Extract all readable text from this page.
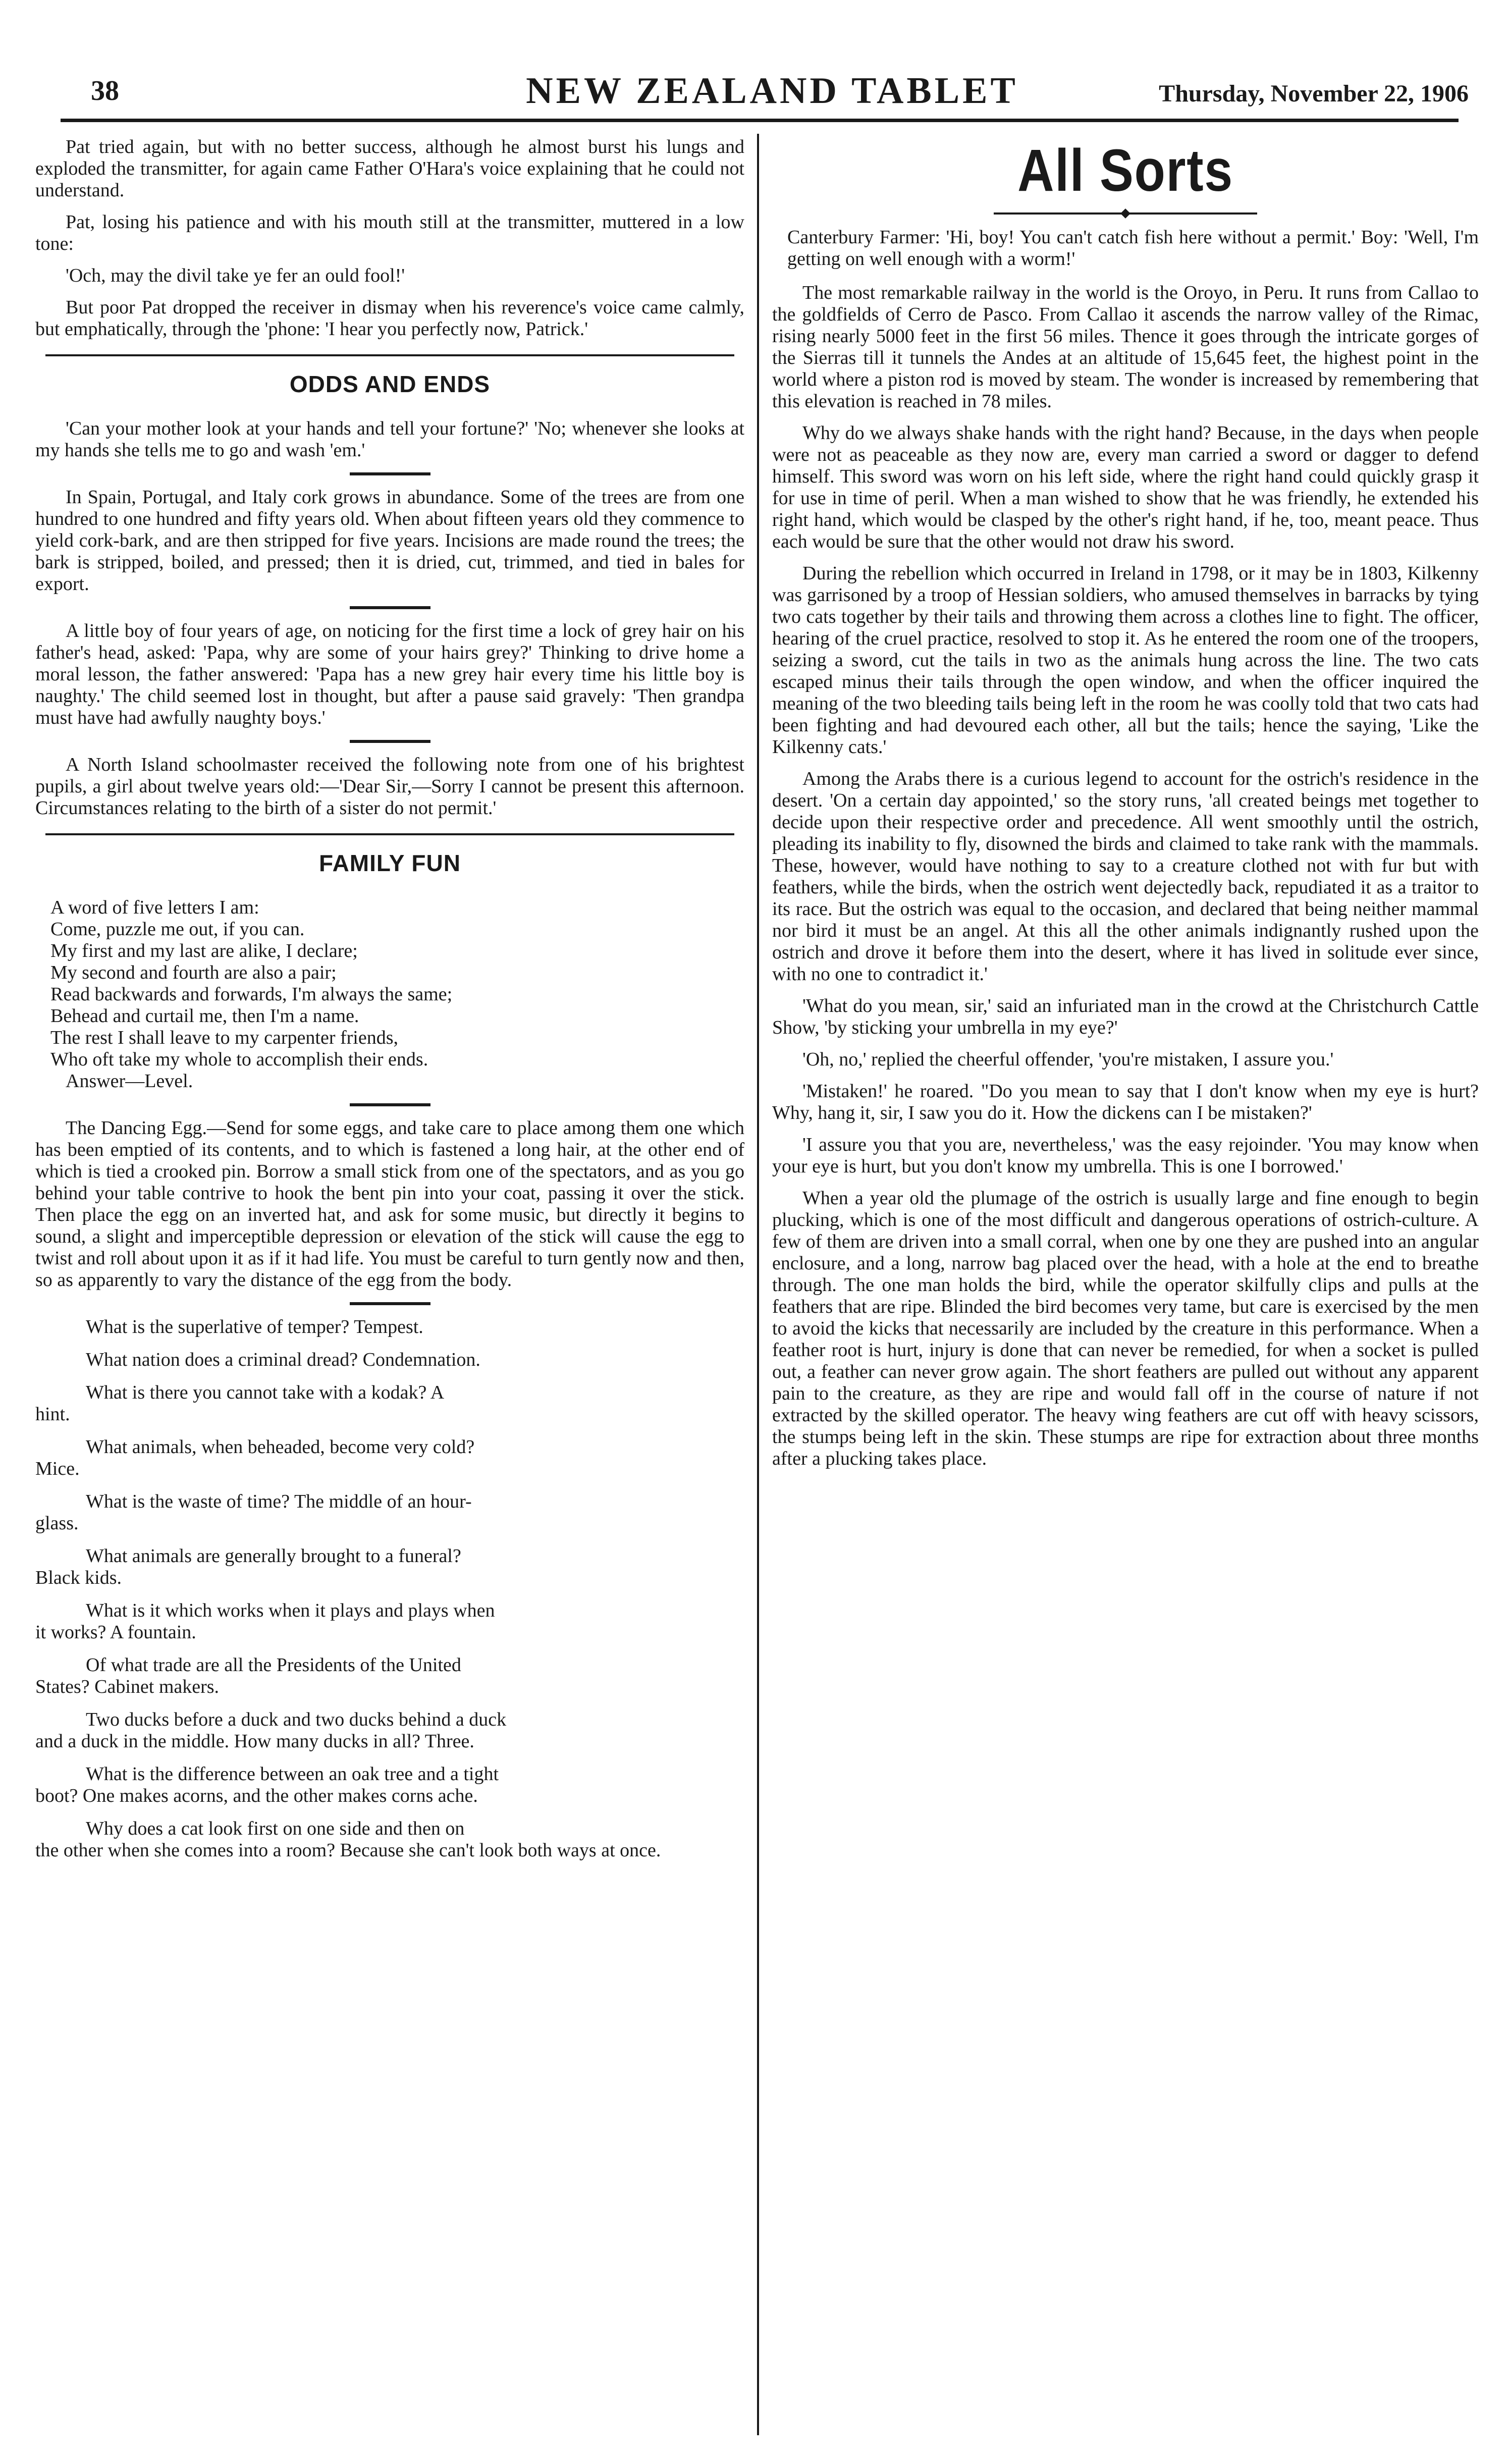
38	NEW ZEALAND TABLET	Thursday, November 22, 1906

Pat tried again, but with no better success, although he almost burst his lungs and exploded the transmitter, for again came Father O'Hara's voice explaining that he could not understand.

Pat, losing his patience and with his mouth still at the transmitter, muttered in a low tone:

'Och, may the divil take ye fer an ould fool!'

But poor Pat dropped the receiver in dismay when his reverence's voice came calmly, but emphatically, through the 'phone: 'I hear you perfectly now, Patrick.'

ODDS AND ENDS

'Can your mother look at your hands and tell your fortune?' 'No; whenever she looks at my hands she tells me to go and wash 'em.'

In Spain, Portugal, and Italy cork grows in abundance. Some of the trees are from one hundred to one hundred and fifty years old. When about fifteen years old they commence to yield cork-bark, and are then stripped for five years. Incisions are made round the trees; the bark is stripped, boiled, and pressed; then it is dried, cut, trimmed, and tied in bales for export.

A little boy of four years of age, on noticing for the first time a lock of grey hair on his father's head, asked: 'Papa, why are some of your hairs grey?' Thinking to drive home a moral lesson, the father answered: 'Papa has a new grey hair every time his little boy is naughty.' The child seemed lost in thought, but after a pause said gravely: 'Then grandpa must have had awfully naughty boys.'

A North Island schoolmaster received the following note from one of his brightest pupils, a girl about twelve years old:—'Dear Sir,—Sorry I cannot be present this afternoon. Circumstances relating to the birth of a sister do not permit.'

FAMILY FUN

A word of five letters I am:

Come, puzzle me out, if you can.

My first and my last are alike, I declare;

My second and fourth are also a pair;

Read backwards and forwards, I'm always the same;

Behead and curtail me, then I'm a name.

The rest I shall leave to my carpenter friends,

Who oft take my whole to accomplish their ends.

Answer—Level.

The Dancing Egg.—Send for some eggs, and take care to place among them one which has been emptied of its contents, and to which is fastened a long hair, at the other end of which is tied a crooked pin. Borrow a small stick from one of the spectators, and as you go behind your table contrive to hook the bent pin into your coat, passing it over the stick. Then place the egg on an inverted hat, and ask for some music, but directly it begins to sound, a slight and imperceptible depression or elevation of the stick will cause the egg to twist and roll about upon it as if it had life. You must be careful to turn gently now and then, so as apparently to vary the distance of the egg from the body.

What is the superlative of temper? Tempest.

What nation does a criminal dread? Condemnation.

What is there you cannot take with a kodak? A

hint.

What animals, when beheaded, become very cold?

Mice.

What is the waste of time? The middle of an hour-

glass.

What animals are generally brought to a funeral?

Black kids.

What is it which works when it plays and plays when

it works? A fountain.

Of what trade are all the Presidents of the United

States? Cabinet makers.

Two ducks before a duck and two ducks behind a duck

and a duck in the middle. How many ducks in all? Three.

What is the difference between an oak tree and a tight

boot? One makes acorns, and the other makes corns ache.

Why does a cat look first on one side and then on

the other when she comes into a room? Because she can't look both ways at once.

All Sorts

Canterbury Farmer: 'Hi, boy! You can't catch fish here without a permit.' Boy: 'Well, I'm getting on well enough with a worm!'

The most remarkable railway in the world is the Oroyo, in Peru. It runs from Callao to the goldfields of Cerro de Pasco. From Callao it ascends the narrow valley of the Rimac, rising nearly 5000 feet in the first 56 miles. Thence it goes through the intricate gorges of the Sierras till it tunnels the Andes at an altitude of 15,645 feet, the highest point in the world where a piston rod is moved by steam. The wonder is increased by remembering that this elevation is reached in 78 miles.

Why do we always shake hands with the right hand? Because, in the days when people were not as peaceable as they now are, every man carried a sword or dagger to defend himself. This sword was worn on his left side, where the right hand could quickly grasp it for use in time of peril. When a man wished to show that he was friendly, he extended his right hand, which would be clasped by the other's right hand, if he, too, meant peace. Thus each would be sure that the other would not draw his sword.

During the rebellion which occurred in Ireland in 1798, or it may be in 1803, Kilkenny was garrisoned by a troop of Hessian soldiers, who amused themselves in barracks by tying two cats together by their tails and throwing them across a clothes line to fight. The officer, hearing of the cruel practice, resolved to stop it. As he entered the room one of the troopers, seizing a sword, cut the tails in two as the animals hung across the line. The two cats escaped minus their tails through the open window, and when the officer inquired the meaning of the two bleeding tails being left in the room he was coolly told that two cats had been fighting and had devoured each other, all but the tails; hence the saying, 'Like the Kilkenny cats.'

Among the Arabs there is a curious legend to account for the ostrich's residence in the desert. 'On a certain day appointed,' so the story runs, 'all created beings met together to decide upon their respective order and precedence. All went smoothly until the ostrich, pleading its inability to fly, disowned the birds and claimed to take rank with the mammals. These, however, would have nothing to say to a creature clothed not with fur but with feathers, while the birds, when the ostrich went dejectedly back, repudiated it as a traitor to its race. But the ostrich was equal to the occasion, and declared that being neither mammal nor bird it must be an angel. At this all the other animals indignantly rushed upon the ostrich and drove it before them into the desert, where it has lived in solitude ever since, with no one to contradict it.'

'What do you mean, sir,' said an infuriated man in the crowd at the Christchurch Cattle Show, 'by sticking your umbrella in my eye?'

'Oh, no,' replied the cheerful offender, 'you're mistaken, I assure you.'

'Mistaken!' he roared. "Do you mean to say that I don't know when my eye is hurt? Why, hang it, sir, I saw you do it. How the dickens can I be mistaken?'

'I assure you that you are, nevertheless,' was the easy rejoinder. 'You may know when your eye is hurt, but you don't know my umbrella. This is one I borrowed.'

When a year old the plumage of the ostrich is usually large and fine enough to begin plucking, which is one of the most difficult and dangerous operations of ostrich-culture. A few of them are driven into a small corral, when one by one they are pushed into an angular enclosure, and a long, narrow bag placed over the head, with a hole at the end to breathe through. The one man holds the bird, while the operator skilfully clips and pulls at the feathers that are ripe. Blinded the bird becomes very tame, but care is exercised by the men to avoid the kicks that necessarily are included by the creature in this performance. When a feather root is hurt, injury is done that can never be remedied, for when a socket is pulled out, a feather can never grow again. The short feathers are pulled out without any apparent pain to the creature, as they are ripe and would fall off in the course of nature if not extracted by the skilled operator. The heavy wing feathers are cut off with heavy scissors, the stumps being left in the skin. These stumps are ripe for extraction about three months after a plucking takes place.
